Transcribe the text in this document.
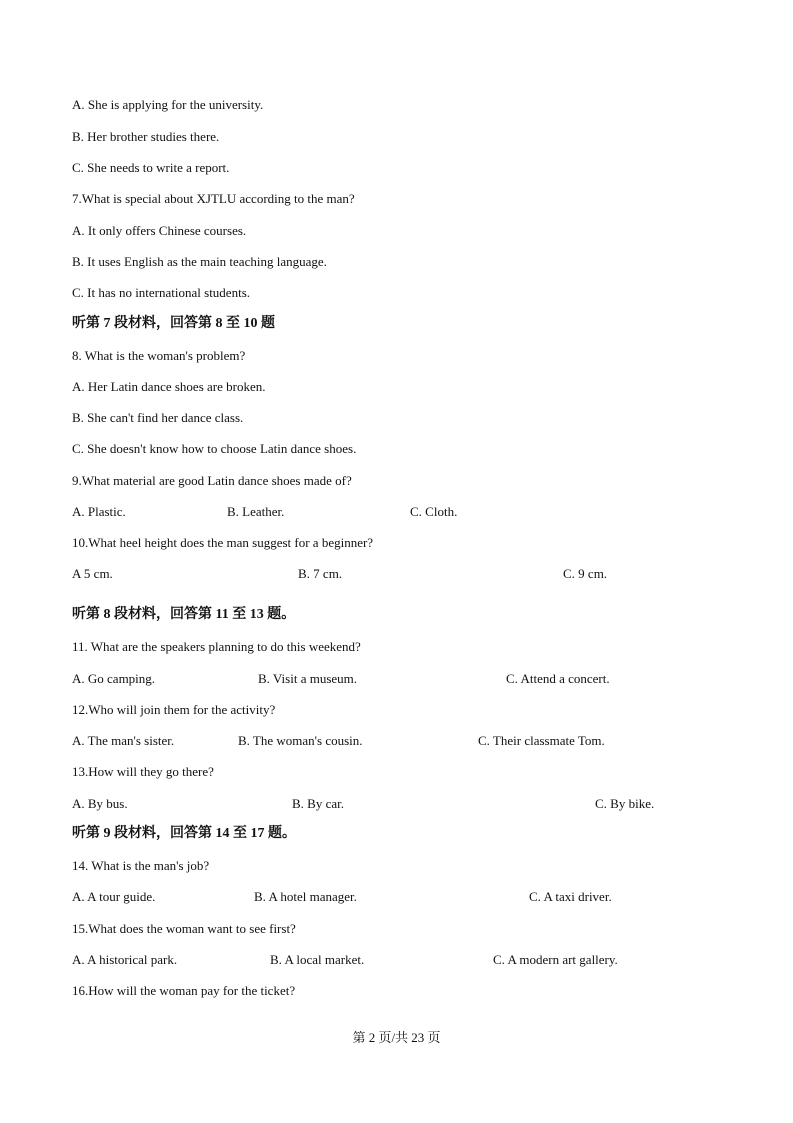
A. She is applying for the university.
B. Her brother studies there.
C. She needs to write a report.
7.What is special about XJTLU according to the man?
A. It only offers Chinese courses.
B. It uses English as the main teaching language.
C. It has no international students.
听第 7 段材料，回答第 8 至 10 题
8. What is the woman's problem?
A. Her Latin dance shoes are broken.
B. She can't find her dance class.
C. She doesn't know how to choose Latin dance shoes.
9.What material are good Latin dance shoes made of?
A. Plastic.	B. Leather.	C. Cloth.
10.What heel height does the man suggest for a beginner?
A 5 cm.	B. 7 cm.	C. 9 cm.
听第 8 段材料，回答第 11 至 13 题。
11. What are the speakers planning to do this weekend?
A. Go camping.	B. Visit a museum.	C. Attend a concert.
12.Who will join them for the activity?
A. The man's sister.	B. The woman's cousin.	C. Their classmate Tom.
13.How will they go there?
A. By bus.	B. By car.	C. By bike.
听第 9 段材料，回答第 14 至 17 题。
14. What is the man's job?
A. A tour guide.	B. A hotel manager.	C. A taxi driver.
15.What does the woman want to see first?
A. A historical park.	B. A local market.	C. A modern art gallery.
16.How will the woman pay for the ticket?
第 2 页/共 23 页
